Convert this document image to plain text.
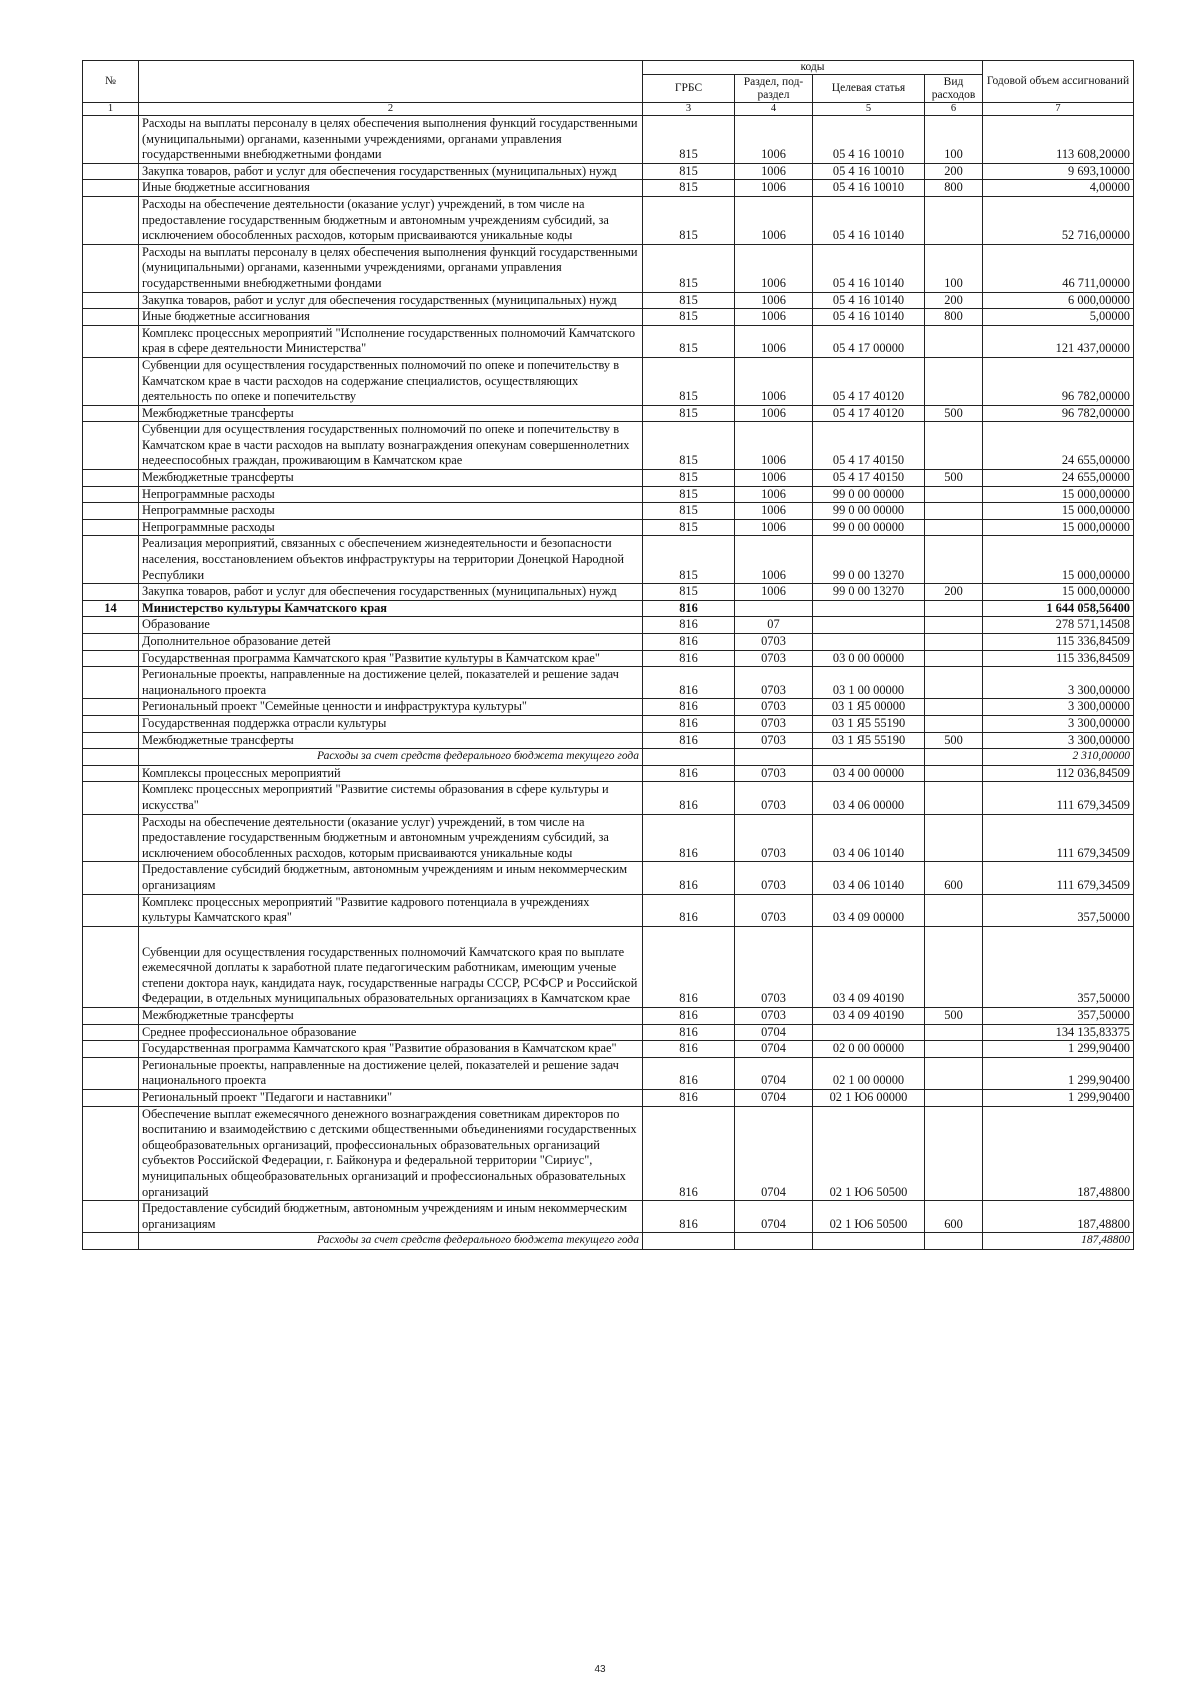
№		коды				Годовой объем ассигнований
		ГРБС	Раздел, под-раздел	Целевая статья	Вид расходов	
1	2	3	4	5	6	7
	Расходы на выплаты персоналу в целях обеспечения выполнения функций государственными (муниципальными) органами, казенными учреждениями, органами управления государственными внебюджетными фондами	815	1006	05 4 16 10010	100	113 608,20000
	Закупка товаров, работ и услуг для обеспечения государственных (муниципальных) нужд	815	1006	05 4 16 10010	200	9 693,10000
	Иные бюджетные ассигнования	815	1006	05 4 16 10010	800	4,00000
	Расходы на обеспечение деятельности (оказание услуг) учреждений, в том числе на предоставление государственным бюджетным и автономным учреждениям субсидий, за исключением обособленных расходов, которым присваиваются уникальные коды	815	1006	05 4 16 10140		52 716,00000
	Расходы на выплаты персоналу в целях обеспечения выполнения функций государственными (муниципальными) органами, казенными учреждениями, органами управления государственными внебюджетными фондами	815	1006	05 4 16 10140	100	46 711,00000
	Закупка товаров, работ и услуг для обеспечения государственных (муниципальных) нужд	815	1006	05 4 16 10140	200	6 000,00000
	Иные бюджетные ассигнования	815	1006	05 4 16 10140	800	5,00000
	Комплекс процессных мероприятий "Исполнение государственных полномочий Камчатского края в сфере деятельности Министерства"	815	1006	05 4 17 00000		121 437,00000
	Субвенции для осуществления государственных полномочий по опеке и попечительству в Камчатском крае в части расходов на содержание специалистов, осуществляющих деятельность по опеке и попечительству	815	1006	05 4 17 40120		96 782,00000
	Межбюджетные трансферты	815	1006	05 4 17 40120	500	96 782,00000
	Субвенции для осуществления государственных полномочий по опеке и попечительству в Камчатском крае в части расходов на выплату вознаграждения опекунам совершеннолетних недееспособных граждан, проживающим в Камчатском крае	815	1006	05 4 17 40150		24 655,00000
	Межбюджетные трансферты	815	1006	05 4 17 40150	500	24 655,00000
	Непрограммные расходы	815	1006	99 0 00 00000		15 000,00000
	Непрограммные расходы	815	1006	99 0 00 00000		15 000,00000
	Непрограммные расходы	815	1006	99 0 00 00000		15 000,00000
	Реализация мероприятий, связанных с обеспечением жизнедеятельности и безопасности населения, восстановлением объектов инфраструктуры на территории Донецкой Народной Республики	815	1006	99 0 00 13270		15 000,00000
	Закупка товаров, работ и услуг для обеспечения государственных (муниципальных) нужд	815	1006	99 0 00 13270	200	15 000,00000
14	Министерство культуры Камчатского края	816				1 644 058,56400
	Образование	816	07			278 571,14508
	Дополнительное образование детей	816	0703			115 336,84509
	Государственная программа Камчатского края "Развитие культуры в Камчатском крае"	816	0703	03 0 00 00000		115 336,84509
	Региональные проекты, направленные на достижение целей, показателей и решение задач национального проекта	816	0703	03 1 00 00000		3 300,00000
	Региональный проект "Семейные ценности и инфраструктура культуры"	816	0703	03 1 Я5 00000		3 300,00000
	Государственная поддержка отрасли культуры	816	0703	03 1 Я5 55190		3 300,00000
	Межбюджетные трансферты	816	0703	03 1 Я5 55190	500	3 300,00000
	Расходы за счет средств федерального бюджета текущего года					2 310,00000
	Комплексы процессных мероприятий	816	0703	03 4 00 00000		112 036,84509
	Комплекс процессных мероприятий "Развитие системы образования в сфере культуры и искусства"	816	0703	03 4 06 00000		111 679,34509
	Расходы на обеспечение деятельности (оказание услуг) учреждений, в том числе на предоставление государственным бюджетным и автономным учреждениям субсидий, за исключением обособленных расходов, которым присваиваются уникальные коды	816	0703	03 4 06 10140		111 679,34509
	Предоставление субсидий бюджетным, автономным учреждениям и иным некоммерческим организациям	816	0703	03 4 06 10140	600	111 679,34509
	Комплекс процессных мероприятий "Развитие кадрового потенциала в учреждениях культуры Камчатского края"	816	0703	03 4 09 00000		357,50000
	Субвенции для осуществления государственных полномочий Камчатского края по выплате ежемесячной доплаты к заработной плате педагогическим работникам, имеющим ученые степени доктора наук, кандидата наук, государственные награды СССР, РСФСР и Российской Федерации, в отдельных муниципальных образовательных организациях в Камчатском крае	816	0703	03 4 09 40190		357,50000
	Межбюджетные трансферты	816	0703	03 4 09 40190	500	357,50000
	Среднее профессиональное образование	816	0704			134 135,83375
	Государственная программа Камчатского края "Развитие образования в Камчатском крае"	816	0704	02 0 00 00000		1 299,90400
	Региональные проекты, направленные на достижение целей, показателей и решение задач национального проекта	816	0704	02 1 00 00000		1 299,90400
	Региональный проект "Педагоги и наставники"	816	0704	02 1 Ю6 00000		1 299,90400
	Обеспечение выплат ежемесячного денежного вознаграждения советникам директоров по воспитанию и взаимодействию с детскими общественными объединениями государственных общеобразовательных организаций, профессиональных образовательных организаций субъектов Российской Федерации, г. Байконура и федеральной территории "Сириус", муниципальных общеобразовательных организаций и профессиональных образовательных организаций	816	0704	02 1 Ю6 50500		187,48800
	Предоставление субсидий бюджетным, автономным учреждениям и иным некоммерческим организациям	816	0704	02 1 Ю6 50500	600	187,48800
	Расходы за счет средств федерального бюджета текущего года					187,48800
43
